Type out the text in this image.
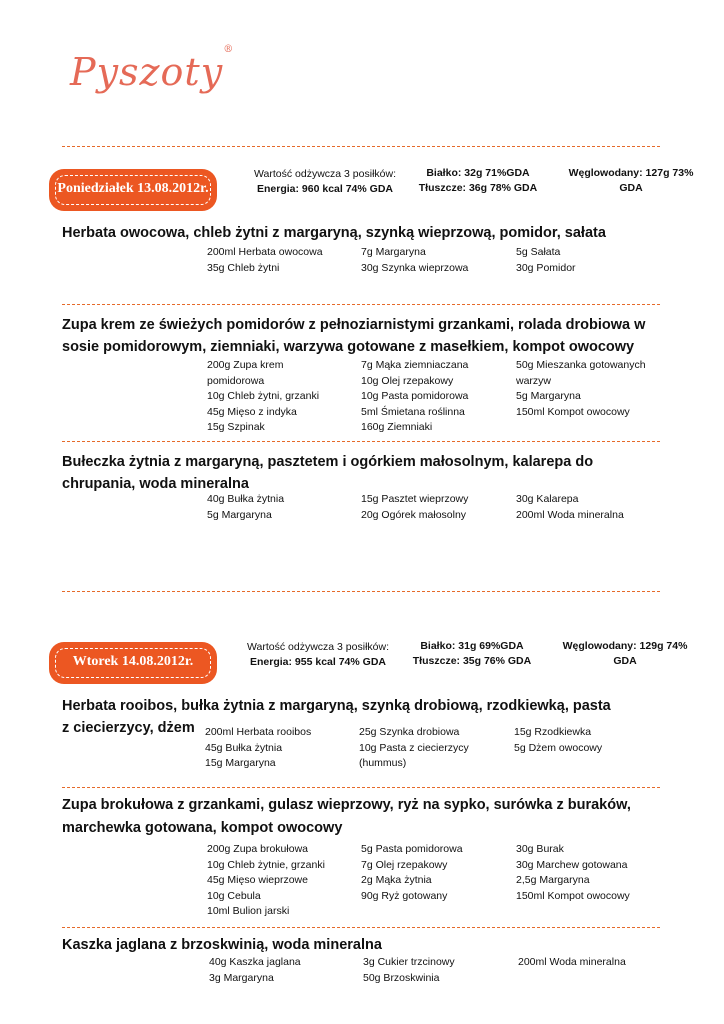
Pyszoty®
Poniedziałek 13.08.2012r.
Wartość odżywcza 3 posiłków: Energia: 960 kcal 74% GDA
Białko: 32g 71%GDA
Tłuszcze: 36g 78% GDA
Węglowodany: 127g 73% GDA
Herbata owocowa, chleb żytni z margaryną, szynką wieprzową, pomidor, sałata
200ml Herbata owocowa
35g Chleb żytni
7g Margaryna
30g Szynka wieprzowa
5g Sałata
30g Pomidor
Zupa krem ze świeżych pomidorów z pełnoziarnistymi grzankami, rolada drobiowa w sosie pomidorowym, ziemniaki, warzywa gotowane z masełkiem, kompot owocowy
200g Zupa krem
pomidorowa
10g Chleb żytni, grzanki
45g Mięso z indyka
15g Szpinak
7g Mąka ziemniaczana
10g Olej rzepakowy
10g Pasta pomidorowa
5ml Śmietana roślinna
160g Ziemniaki
50g Mieszanka gotowanych
warzyw
5g Margaryna
150ml Kompot owocowy
Bułeczka żytnia z margaryną, pasztetem i ogórkiem małosolnym, kalarepa do chrupania, woda mineralna
40g Bułka żytnia
5g Margaryna
15g Pasztet wieprzowy
20g Ogórek małosolny
30g Kalarepa
200ml Woda mineralna
Wtorek 14.08.2012r.
Wartość odżywcza 3 posiłków: Energia: 955 kcal 74% GDA
Białko: 31g 69%GDA
Tłuszcze: 35g 76% GDA
Węglowodany: 129g 74% GDA
Herbata rooibos, bułka żytnia z margaryną, szynką drobiową, rzodkiewką, pasta z ciecierzycy, dżem 200ml Herbata rooibos
45g Bułka żytnia
15g Margaryna
25g Szynka drobiowa
10g Pasta z ciecierzycy
(hummus)
15g Rzodkiewka
5g Dżem owocowy
Zupa brokułowa z grzankami, gulasz wieprzowy, ryż na sypko, surówka z buraków,
marchewka gotowana, kompot owocowy
200g Zupa brokułowa
10g Chleb żytnie, grzanki
45g Mięso wieprzowe
10g Cebula
10ml Bulion jarski
5g Pasta pomidorowa
7g Olej rzepakowy
2g Mąka żytnia
90g Ryż gotowany
30g Burak
30g Marchew gotowana
2,5g Margaryna
150ml Kompot owocowy
Kaszka jaglana z brzoskwinią, woda mineralna
40g Kaszka jaglana
3g Margaryna
3g Cukier trzcinowy
50g Brzoskwinia
200ml Woda mineralna
